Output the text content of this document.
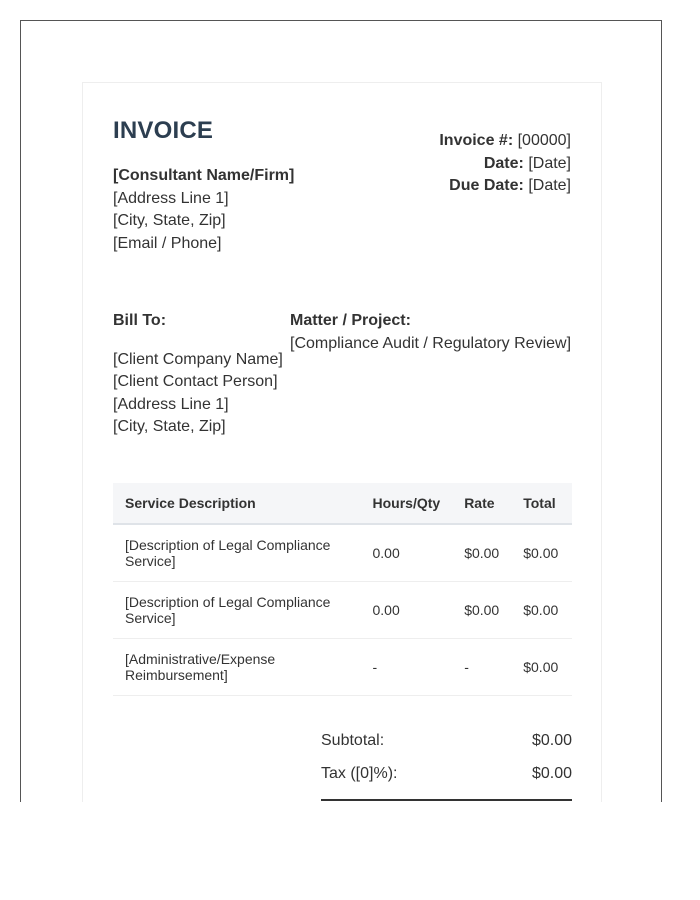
INVOICE
[Consultant Name/Firm]
[Address Line 1]
[City, State, Zip]
[Email / Phone]
Invoice #: [00000]
Date: [Date]
Due Date: [Date]
Bill To:
[Client Company Name]
[Client Contact Person]
[Address Line 1]
[City, State, Zip]
Matter / Project:
[Compliance Audit / Regulatory Review]
Service Description	Hours/Qty	Rate	Total

[Description of Legal Compliance Service]	0.00	$0.00	$0.00

[Description of Legal Compliance Service]	0.00	$0.00	$0.00

[Administrative/Expense Reimbursement]	-	-	$0.00
Subtotal:	$0.00
Tax ([0]%):	$0.00
